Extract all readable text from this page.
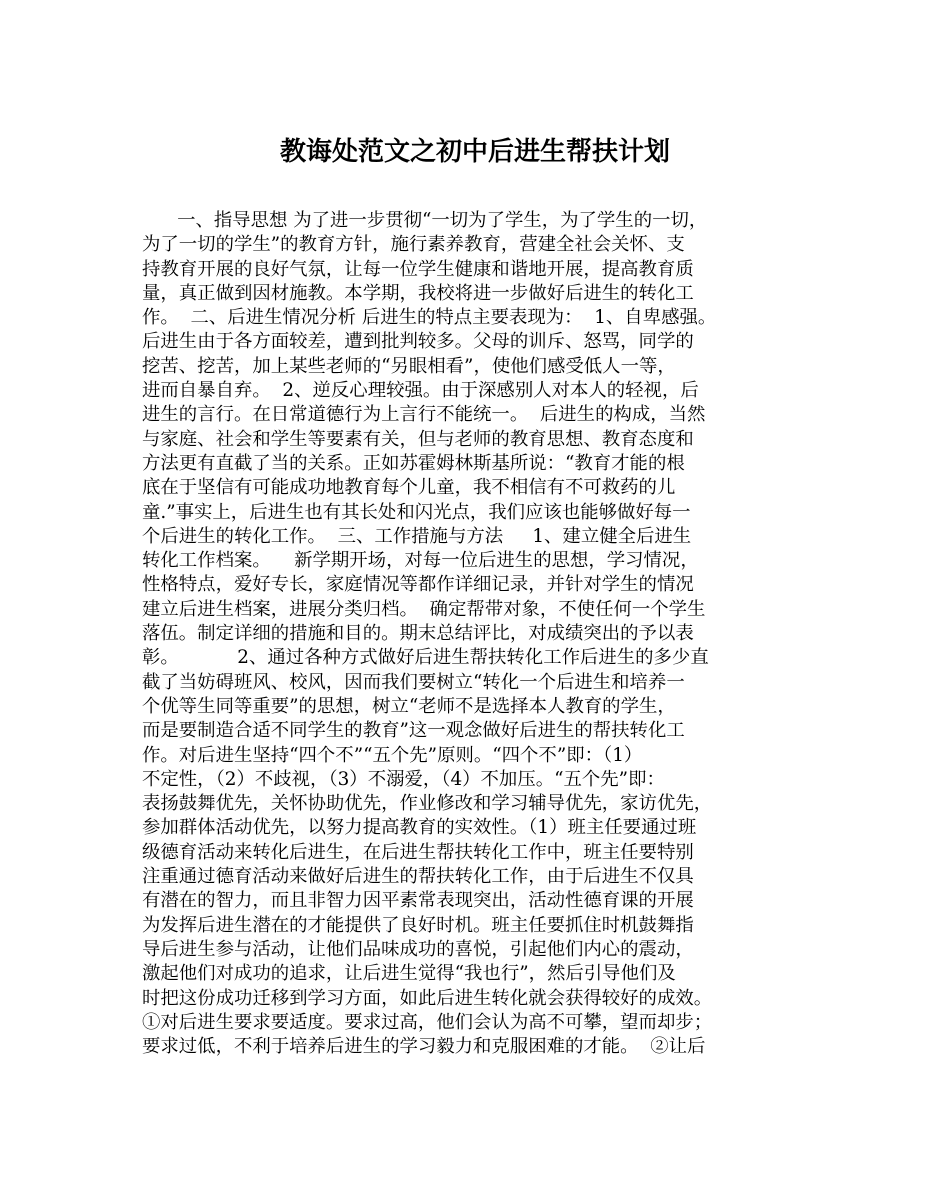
教诲处范文之初中后进生帮扶计划
一、指导思想 为了进一步贯彻“一切为了学生，为了学生的一切，
为了一切的学生”的教育方针，施行素养教育，营建全社会关怀、支
持教育开展的良好气氛，让每一位学生健康和谐地开展，提高教育质
量，真正做到因材施教。本学期，我校将进一步做好后进生的转化工
作。  二、后进生情况分析 后进生的特点主要表现为：  1、自卑感强。
后进生由于各方面较差，遭到批判较多。父母的训斥、怒骂，同学的
挖苦、挖苦，加上某些老师的“另眼相看”，使他们感受低人一等，
进而自暴自弃。  2、逆反心理较强。由于深感别人对本人的轻视，后
进生的言行。在日常道德行为上言行不能统一。  后进生的构成，当然
与家庭、社会和学生等要素有关，但与老师的教育思想、教育态度和
方法更有直截了当的关系。正如苏霍姆林斯基所说：“教育才能的根
底在于坚信有可能成功地教育每个儿童，我不相信有不可救药的儿
童.”事实上，后进生也有其长处和闪光点，我们应该也能够做好每一
个后进生的转化工作。  三、工作措施与方法     1、建立健全后进生
转化工作档案。    新学期开场，对每一位后进生的思想，学习情况，
性格特点，爱好专长，家庭情况等都作详细记录，并针对学生的情况
建立后进生档案，进展分类归档。  确定帮带对象，不使任何一个学生
落伍。制定详细的措施和目的。期末总结评比，对成绩突出的予以表
彰。          2、通过各种方式做好后进生帮扶转化工作后进生的多少直
截了当妨碍班风、校风，因而我们要树立“转化一个后进生和培养一
个优等生同等重要”的思想，树立“老师不是选择本人教育的学生，
而是要制造合适不同学生的教育”这一观念做好后进生的帮扶转化工
作。对后进生坚持“四个不”“五个先”原则。“四个不”即：（1）
不定性，（2）不歧视，（3）不溺爱，（4）不加压。“五个先”即：
表扬鼓舞优先，关怀协助优先，作业修改和学习辅导优先，家访优先，
参加群体活动优先，以努力提高教育的实效性。（1）班主任要通过班
级德育活动来转化后进生，在后进生帮扶转化工作中，班主任要特别
注重通过德育活动来做好后进生的帮扶转化工作，由于后进生不仅具
有潜在的智力，而且非智力因平素常表现突出，活动性德育课的开展
为发挥后进生潜在的才能提供了良好时机。班主任要抓住时机鼓舞指
导后进生参与活动，让他们品味成功的喜悦，引起他们内心的震动，
激起他们对成功的追求，让后进生觉得“我也行”，然后引导他们及
时把这份成功迁移到学习方面，如此后进生转化就会获得较好的成效。
①对后进生要求要适度。要求过高，他们会认为高不可攀，望而却步；
要求过低，不利于培养后进生的学习毅力和克服困难的才能。  ②让后
